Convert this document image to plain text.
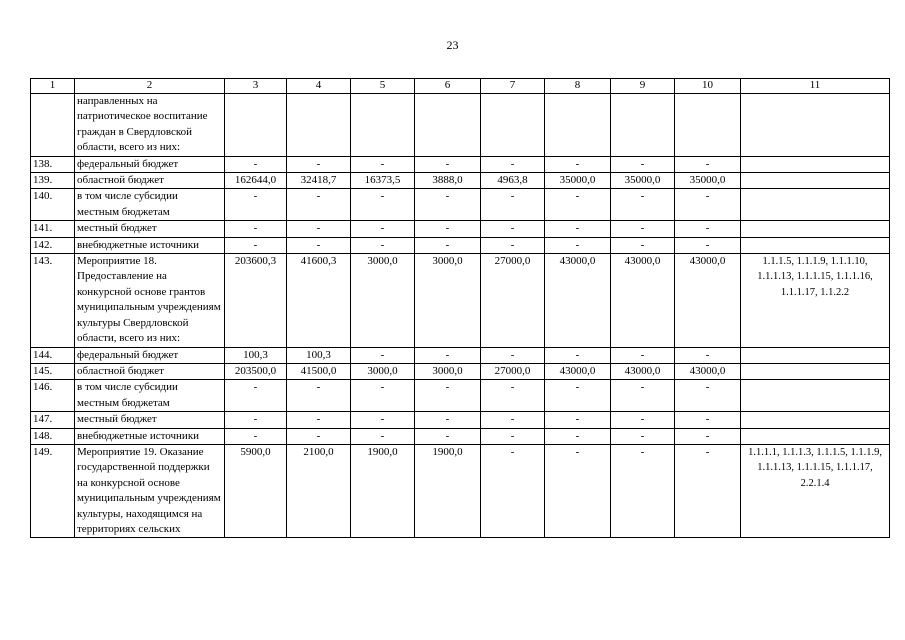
23
1	2	3	4	5	6	7	8	9	10	11
	направленных на патриотическое воспитание граждан в Свердловской области, всего из них:									
138.	федеральный бюджет	-	-	-	-	-	-	-	-	
139.	областной бюджет	162644,0	32418,7	16373,5	3888,0	4963,8	35000,0	35000,0	35000,0	
140.	в том числе субсидии местным бюджетам	-	-	-	-	-	-	-	-	
141.	местный бюджет	-	-	-	-	-	-	-	-	
142.	внебюджетные источники	-	-	-	-	-	-	-	-	
143.	Мероприятие 18. Предоставление на конкурсной основе грантов муниципальным учреждениям культуры Свердловской области, всего из них:	203600,3	41600,3	3000,0	3000,0	27000,0	43000,0	43000,0	43000,0	1.1.1.5, 1.1.1.9, 1.1.1.10, 1.1.1.13, 1.1.1.15, 1.1.1.16, 1.1.1.17, 1.1.2.2
144.	федеральный бюджет	100,3	100,3	-	-	-	-	-	-	
145.	областной бюджет	203500,0	41500,0	3000,0	3000,0	27000,0	43000,0	43000,0	43000,0	
146.	в том числе субсидии местным бюджетам	-	-	-	-	-	-	-	-	
147.	местный бюджет	-	-	-	-	-	-	-	-	
148.	внебюджетные источники	-	-	-	-	-	-	-	-	
149.	Мероприятие 19. Оказание государственной поддержки на конкурсной основе муниципальным учреждениям культуры, находящимся на территориях сельских	5900,0	2100,0	1900,0	1900,0	-	-	-	-	1.1.1.1, 1.1.1.3, 1.1.1.5, 1.1.1.9, 1.1.1.13, 1.1.1.15, 1.1.1.17, 2.2.1.4
